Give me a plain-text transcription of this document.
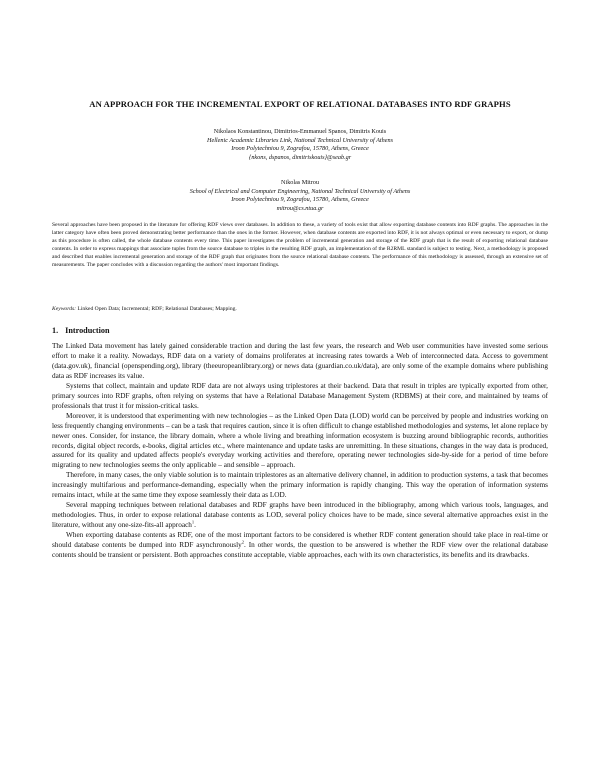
AN APPROACH FOR THE INCREMENTAL EXPORT OF RELATIONAL DATABASES INTO RDF GRAPHS
Nikolaos Konstantinou, Dimitrios-Emmanuel Spanos, Dimitris Kouis
Hellenic Academic Libraries Link, National Technical University of Athens
Iroon Polytechniou 9, Zografou, 15780, Athens, Greece
{nkons, dspanos, dimitriskouis}@seab.gr
Nikolas Mitrou
School of Electrical and Computer Engineering, National Technical University of Athens
Iroon Polytechniou 9, Zografou, 15780, Athens, Greece
mitrou@cs.ntua.gr
Several approaches have been proposed in the literature for offering RDF views over databases. In addition to these, a variety of tools exist that allow exporting database contents into RDF graphs. The approaches in the latter category have often been proved demonstrating better performance than the ones in the former. However, when database contents are exported into RDF, it is not always optimal or even necessary to export, or dump as this procedure is often called, the whole database contents every time. This paper investigates the problem of incremental generation and storage of the RDF graph that is the result of exporting relational database contents. In order to express mappings that associate tuples from the source database to triples in the resulting RDF graph, an implementation of the R2RML standard is subject to testing. Next, a methodology is proposed and described that enables incremental generation and storage of the RDF graph that originates from the source relational database contents. The performance of this methodology is assessed, through an extensive set of measurements. The paper concludes with a discussion regarding the authors' most important findings.
Keywords: Linked Open Data; Incremental; RDF; Relational Databases; Mapping.
1. Introduction

The Linked Data movement has lately gained considerable traction and during the last few years, the research and Web user communities have invested some serious effort to make it a reality. Nowadays, RDF data on a variety of domains proliferates at increasing rates towards a Web of interconnected data. Access to government (data.gov.uk), financial (openspending.org), library (theeuropeanlibrary.org) or news data (guardian.co.uk/data), are only some of the example domains where publishing data as RDF increases its value.

Systems that collect, maintain and update RDF data are not always using triplestores at their backend. Data that result in triples are typically exported from other, primary sources into RDF graphs, often relying on systems that have a Relational Database Management System (RDBMS) at their core, and maintained by teams of professionals that trust it for mission-critical tasks.

Moreover, it is understood that experimenting with new technologies – as the Linked Open Data (LOD) world can be perceived by people and industries working on less frequently changing environments – can be a task that requires caution, since it is often difficult to change established methodologies and systems, let alone replace by newer ones. Consider, for instance, the library domain, where a whole living and breathing information ecosystem is buzzing around bibliographic records, authorities records, digital object records, e-books, digital articles etc., where maintenance and update tasks are unremitting. In these situations, changes in the way data is produced, assured for its quality and updated affects people's everyday working activities and therefore, operating newer technologies side-by-side for a period of time before migrating to new technologies seems the only applicable – and sensible – approach.

Therefore, in many cases, the only viable solution is to maintain triplestores as an alternative delivery channel, in addition to production systems, a task that becomes increasingly multifarious and performance-demanding, especially when the primary information is rapidly changing. This way the operation of information systems remains intact, while at the same time they expose seamlessly their data as LOD.

Several mapping techniques between relational databases and RDF graphs have been introduced in the bibliography, among which various tools, languages, and methodologies. Thus, in order to expose relational database contents as LOD, several policy choices have to be made, since several alternative approaches exist in the literature, without any one-size-fits-all approach$^1$.

When exporting database contents as RDF, one of the most important factors to be considered is whether RDF content generation should take place in real-time or should database contents be dumped into RDF asynchronously$^2$. In other words, the question to be answered is whether the RDF view over the relational database contents should be transient or persistent. Both approaches constitute acceptable, viable approaches, each with its own characteristics, its benefits and its drawbacks.
